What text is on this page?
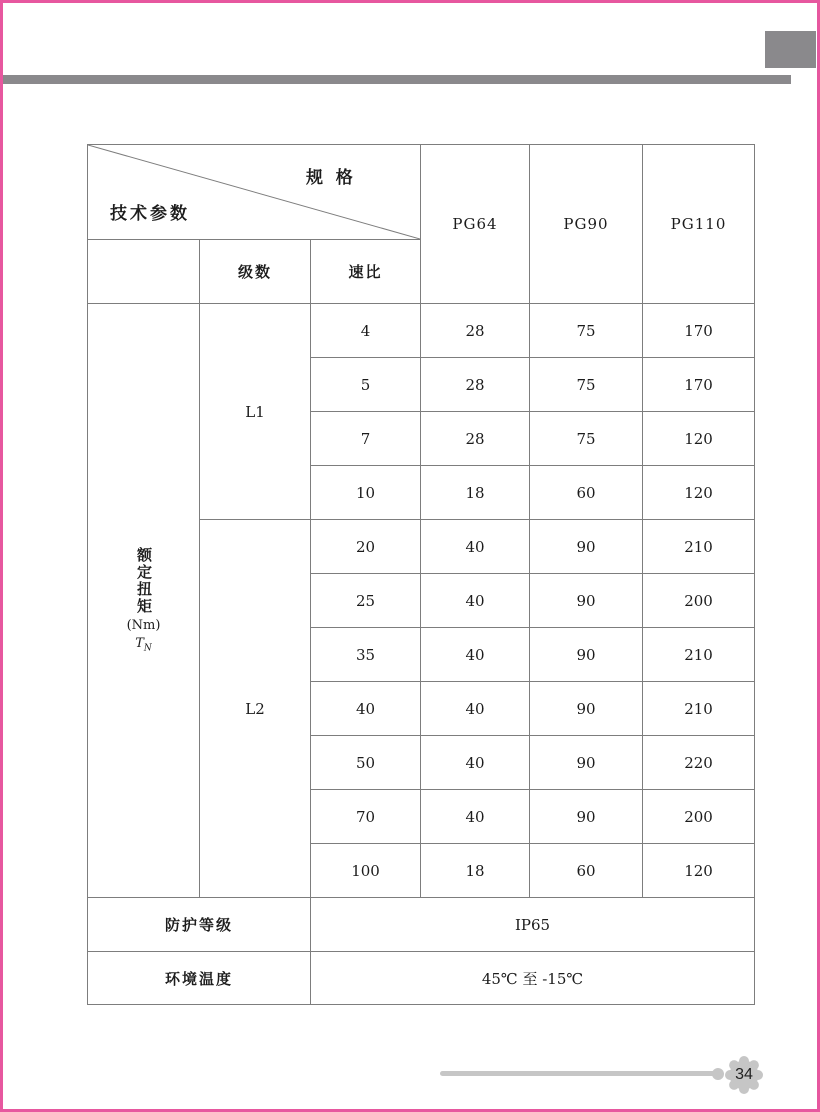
规 格
技术参数			PG64	PG90	PG110
	级数	速比			

额定扭矩
(Nm)
$T_N$	L1	4	28	75	170
		5	28	75	170
		7	28	75	120
		10	18	60	120
	L2	20	40	90	210
		25	40	90	200
		35	40	90	210
		40	40	90	210
		50	40	90	220
		70	40	90	200
		100	18	60	120
防护等级		IP65			
环境温度		45℃ 至 -15℃			
34
